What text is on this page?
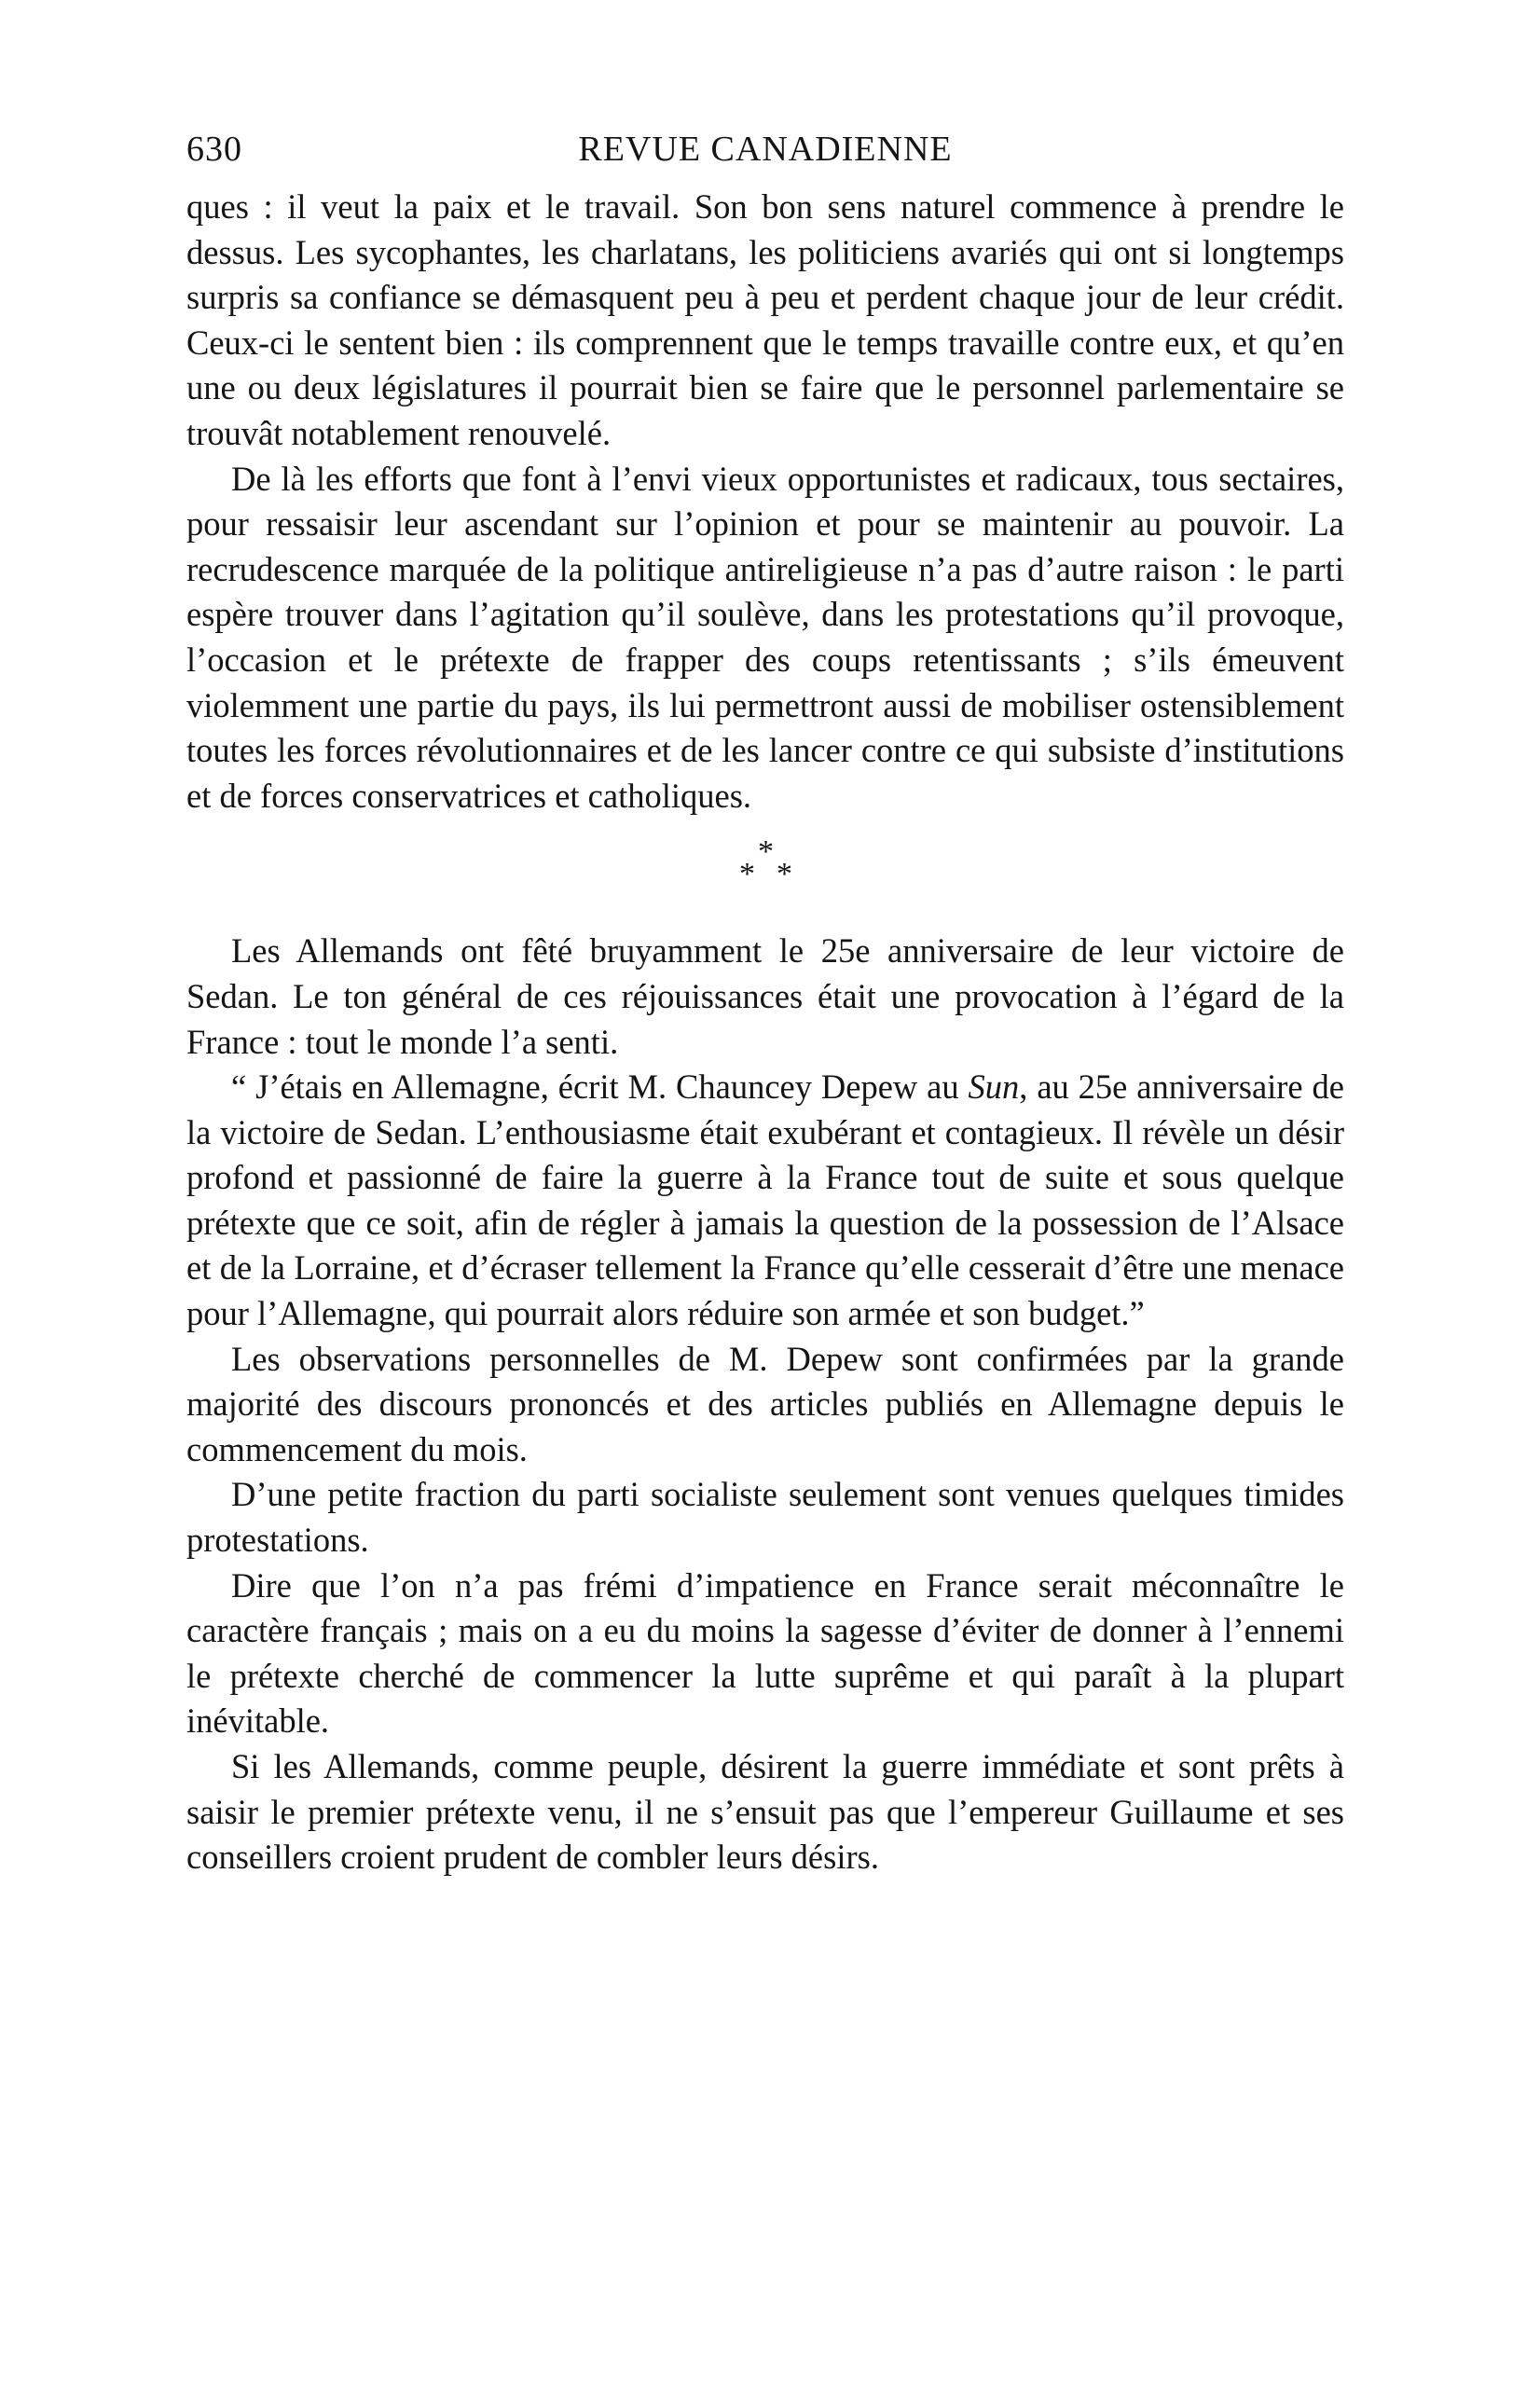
630	REVUE CANADIENNE

ques : il veut la paix et le travail. Son bon sens naturel commence à prendre le dessus. Les sycophantes, les charlatans, les politiciens avariés qui ont si longtemps surpris sa confiance se démasquent peu à peu et perdent chaque jour de leur crédit. Ceux-ci le sentent bien : ils comprennent que le temps travaille contre eux, et qu’en une ou deux législatures il pourrait bien se faire que le personnel parlementaire se trouvât notablement renouvelé.

De là les efforts que font à l’envi vieux opportunistes et radicaux, tous sectaires, pour ressaisir leur ascendant sur l’opinion et pour se maintenir au pouvoir. La recrudescence marquée de la politique antireligieuse n’a pas d’autre raison : le parti espère trouver dans l’agitation qu’il soulève, dans les protestations qu’il provoque, l’occasion et le prétexte de frapper des coups retentissants ; s’ils émeuvent violemment une partie du pays, ils lui permettront aussi de mobiliser ostensiblement toutes les forces révolutionnaires et de les lancer contre ce qui subsiste d’institutions et de forces conservatrices et catholiques.

*
* *

Les Allemands ont fêté bruyamment le 25e anniversaire de leur victoire de Sedan. Le ton général de ces réjouissances était une provocation à l’égard de la France : tout le monde l’a senti.

“ J’étais en Allemagne, écrit M. Chauncey Depew au Sun, au 25e anniversaire de la victoire de Sedan. L’enthousiasme était exubérant et contagieux. Il révèle un désir profond et passionné de faire la guerre à la France tout de suite et sous quelque prétexte que ce soit, afin de régler à jamais la question de la possession de l’Alsace et de la Lorraine, et d’écraser tellement la France qu’elle cesserait d’être une menace pour l’Allemagne, qui pourrait alors réduire son armée et son budget.”

Les observations personnelles de M. Depew sont confirmées par la grande majorité des discours prononcés et des articles publiés en Allemagne depuis le commencement du mois.

D’une petite fraction du parti socialiste seulement sont venues quelques timides protestations.

Dire que l’on n’a pas frémi d’impatience en France serait méconnaître le caractère français ; mais on a eu du moins la sagesse d’éviter de donner à l’ennemi le prétexte cherché de commencer la lutte suprême et qui paraît à la plupart inévitable.

Si les Allemands, comme peuple, désirent la guerre immédiate et sont prêts à saisir le premier prétexte venu, il ne s’ensuit pas que l’empereur Guillaume et ses conseillers croient prudent de combler leurs désirs.
